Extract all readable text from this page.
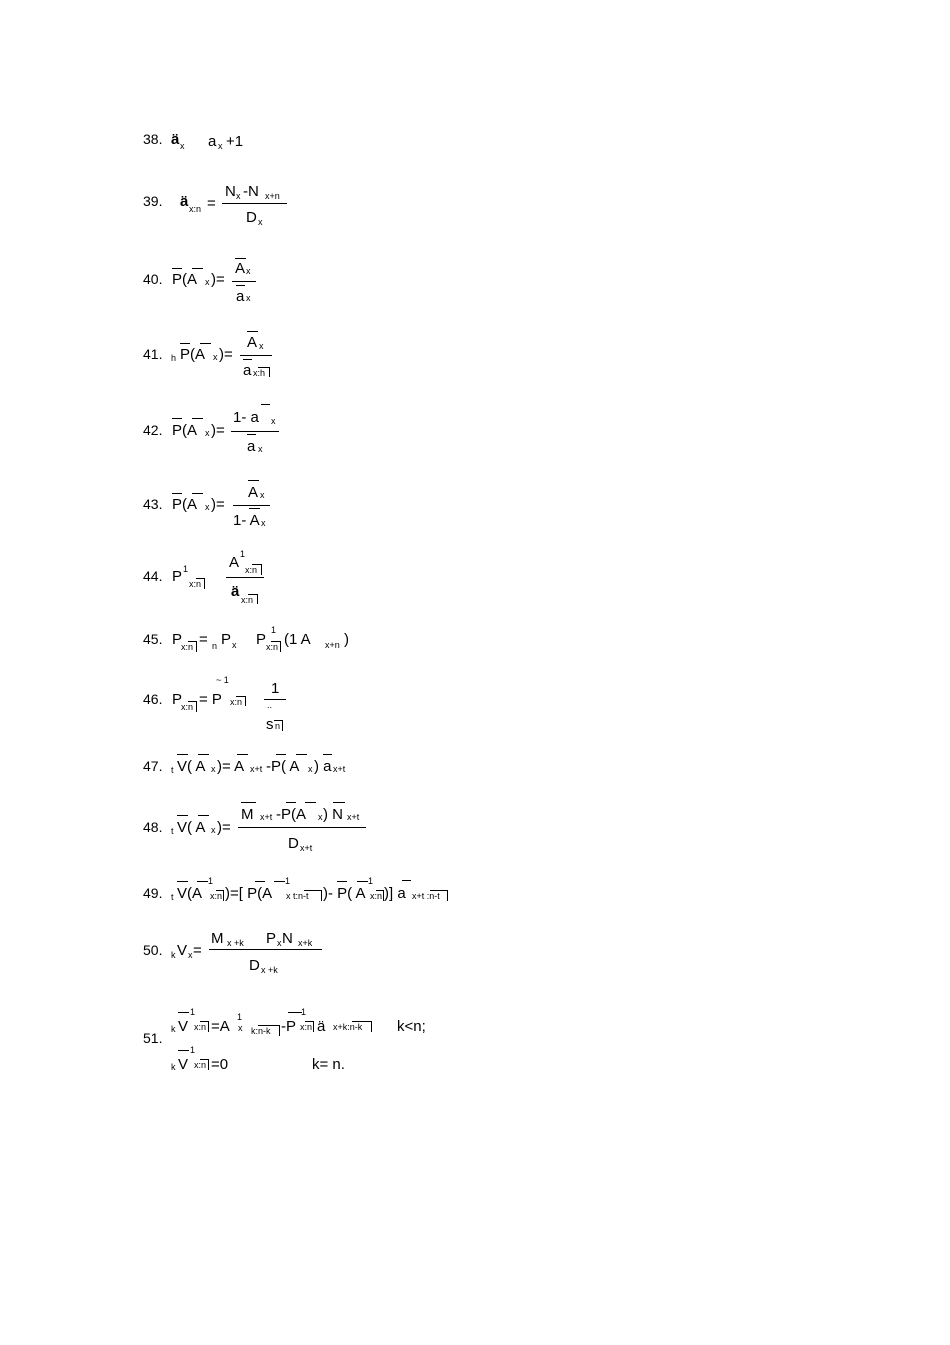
38. ä x a x +1
39. ä x:n =
N x -N x+n
D x
40. P(A x )=
A x
a x
41. h P(A x )=
A x
a x:h
42. P(A x )=
1- a x
a x
43. P(A x )=
A x
1- A x
44. P 1
x:n
A 1
x:n
ä x:n
45. P
x:n = n P x P
1
x:n (1 A x+n )
46. P
x:n = P
~ 1
x:n
1
..
s n
47. t V( A x )= A x+t -P( A x ) a x+t
48. t V( A x )=
M x+t -P(A x ) N x+t
D x+t
49. t V(A
1
x:n )=[ P(A
1
x t:n-t )- P( A
1
x:n )] a x+t :n-t
50. k V x =
M x +k P x N x+k
D x +k
51.
k V
1
x:n =A
1
x k:n-k -P
1
x:n ä x+k:n-k k<n;
k V
1
x:n =0	k= n.
